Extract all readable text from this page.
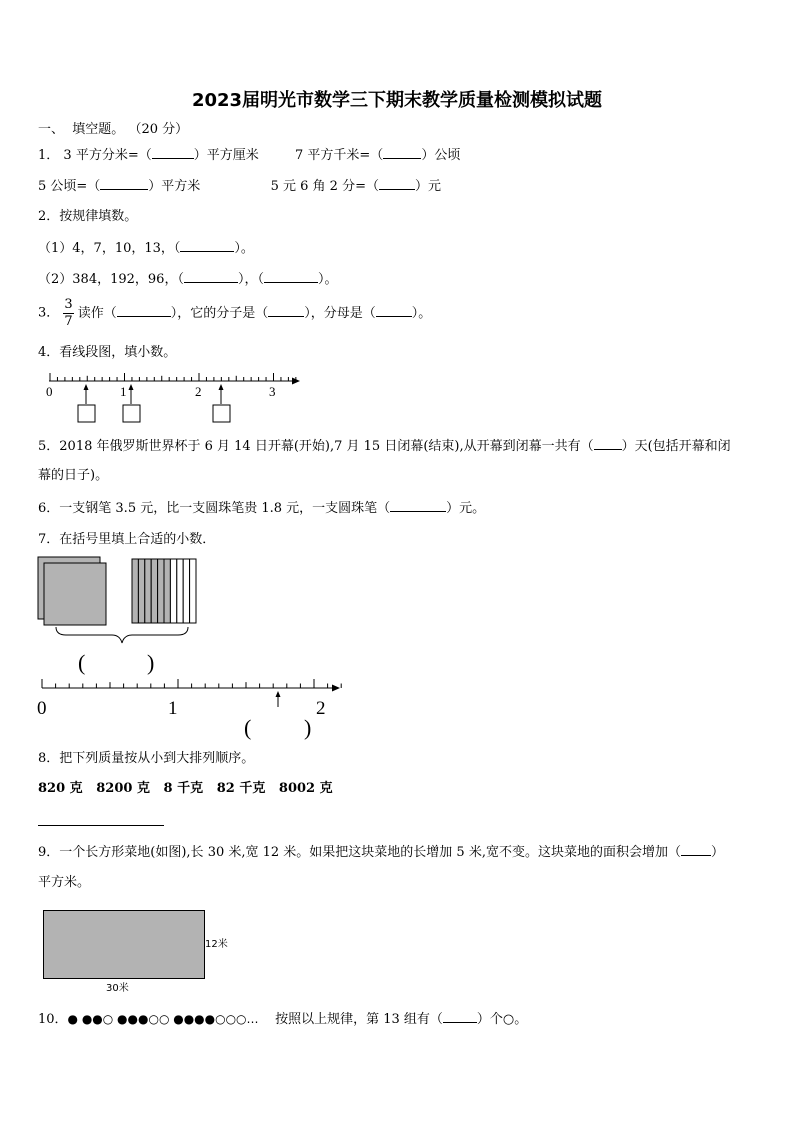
2023届明光市数学三下期末教学质量检测模拟试题
一、 填空题。 （20 分）
1． 3 平方分米=（	）平方厘米	7 平方千米=（	）公顷
5 公顷=（	）平方米	5 元 6 角 2 分=（	）元
2．按规律填数。
（1）4，7，10，13，（	）。
（2）384，192，96，（	），（	）。
3． $\frac{3}{7}$ 读作（	），它的分子是（	），分母是（	）。
4．看线段图，填小数。
0	1	2	3
5．2018 年俄罗斯世界杯于 6 月 14 日开幕(开始),7 月 15 日闭幕(结束),从开幕到闭幕一共有（ ）天(包括开幕和闭
幕的日子)。
6．一支钢笔 3.5 元，比一支圆珠笔贵 1.8 元，一支圆珠笔（	）元。
7．在括号里填上合适的小数．
(	)
0	1	2
( )
8．把下列质量按从小到大排列顺序。
820 克 8200 克 8 千克 82 千克 8002 克
9．一个长方形菜地(如图),长 30 米,宽 12 米。如果把这块菜地的长增加 5 米,宽不变。这块菜地的面积会增加（ ）
平方米。
12米
30米
10．● ●●○ ●●●○○ ●●●●○○○… 按照以上规律，第 13 组有（	）个○。
